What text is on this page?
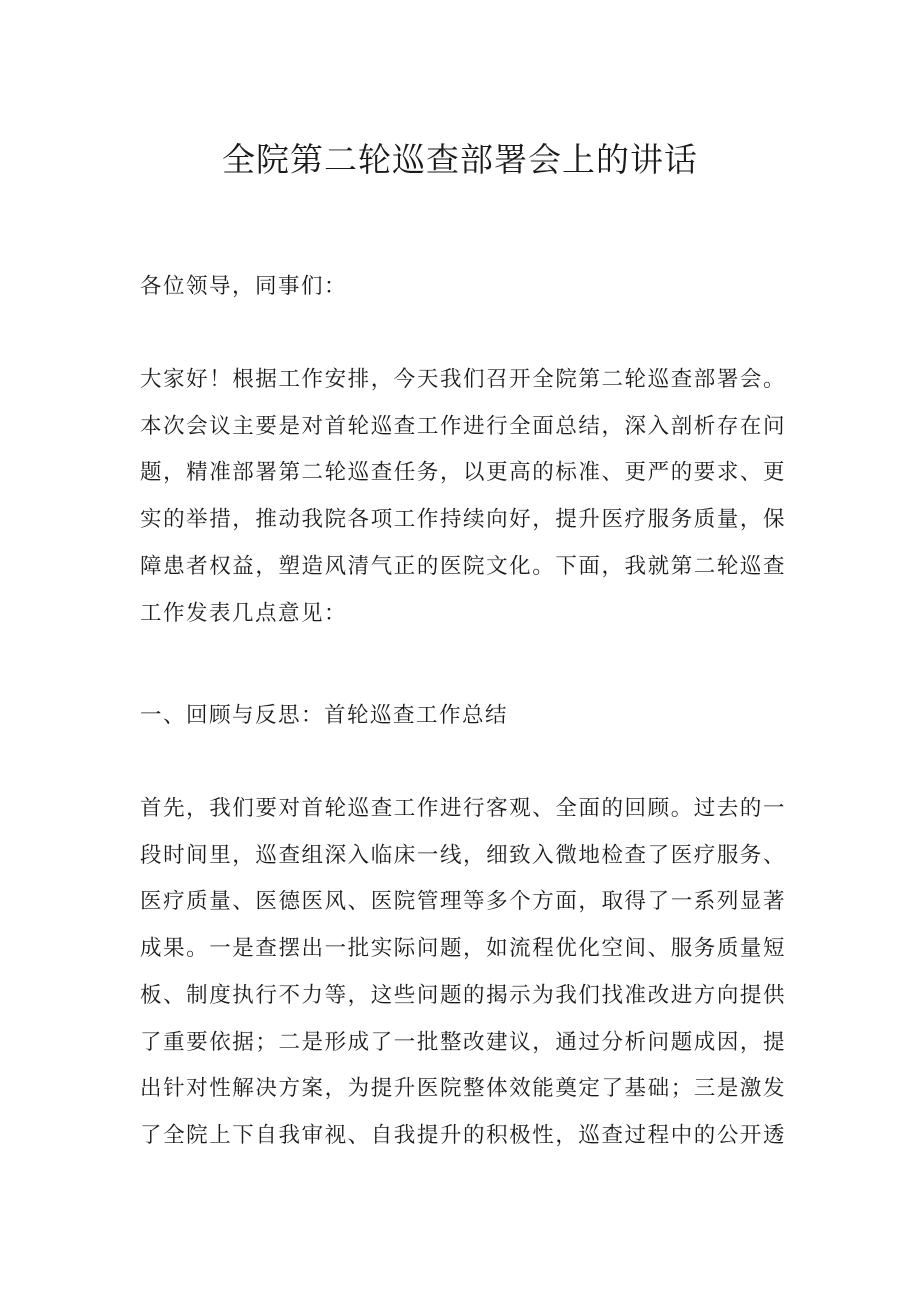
全院第二轮巡查部署会上的讲话

各位领导，同事们：

大家好！根据工作安排，今天我们召开全院第二轮巡查部署会。
本次会议主要是对首轮巡查工作进行全面总结，深入剖析存在问
题，精准部署第二轮巡查任务，以更高的标准、更严的要求、更
实的举措，推动我院各项工作持续向好，提升医疗服务质量，保
障患者权益，塑造风清气正的医院文化。下面，我就第二轮巡查
工作发表几点意见：

一、回顾与反思：首轮巡查工作总结

首先，我们要对首轮巡查工作进行客观、全面的回顾。过去的一
段时间里，巡查组深入临床一线，细致入微地检查了医疗服务、
医疗质量、医德医风、医院管理等多个方面，取得了一系列显著
成果。一是查摆出一批实际问题，如流程优化空间、服务质量短
板、制度执行不力等，这些问题的揭示为我们找准改进方向提供
了重要依据；二是形成了一批整改建议，通过分析问题成因，提
出针对性解决方案，为提升医院整体效能奠定了基础；三是激发
了全院上下自我审视、自我提升的积极性，巡查过程中的公开透
